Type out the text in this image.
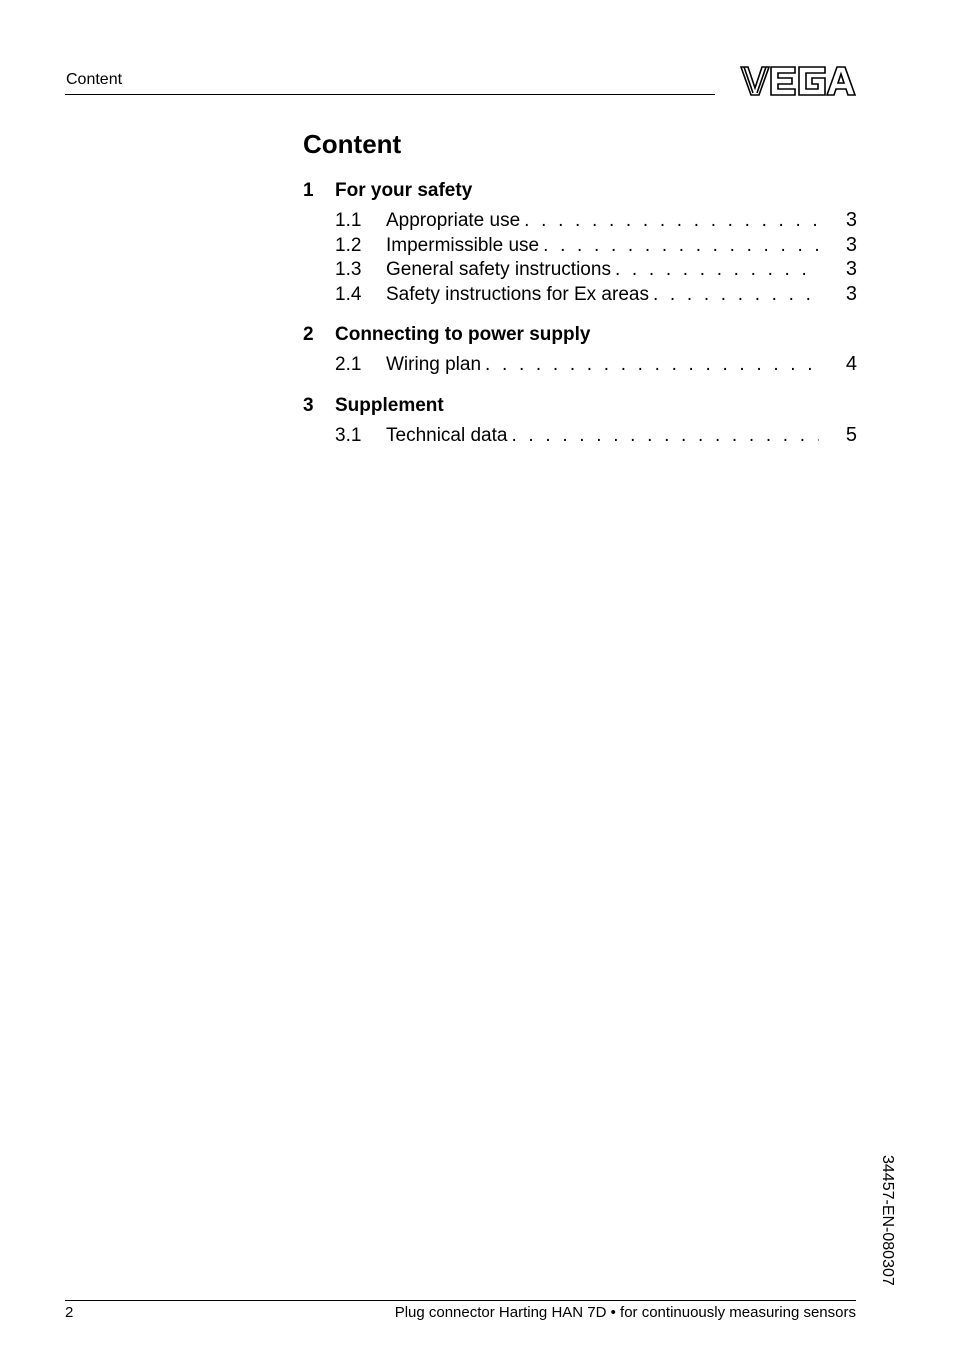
Content
Content
1	For your safety
1.1	Appropriate use . . .	3
1.2	Impermissible use . . .	3
1.3	General safety instructions . . .	3
1.4	Safety instructions for Ex areas . . .	3
2	Connecting to power supply
2.1	Wiring plan . . .	4
3	Supplement
3.1	Technical data . . .	5
34457-EN-080307
2	Plug connector Harting HAN 7D • for continuously measuring sensors
